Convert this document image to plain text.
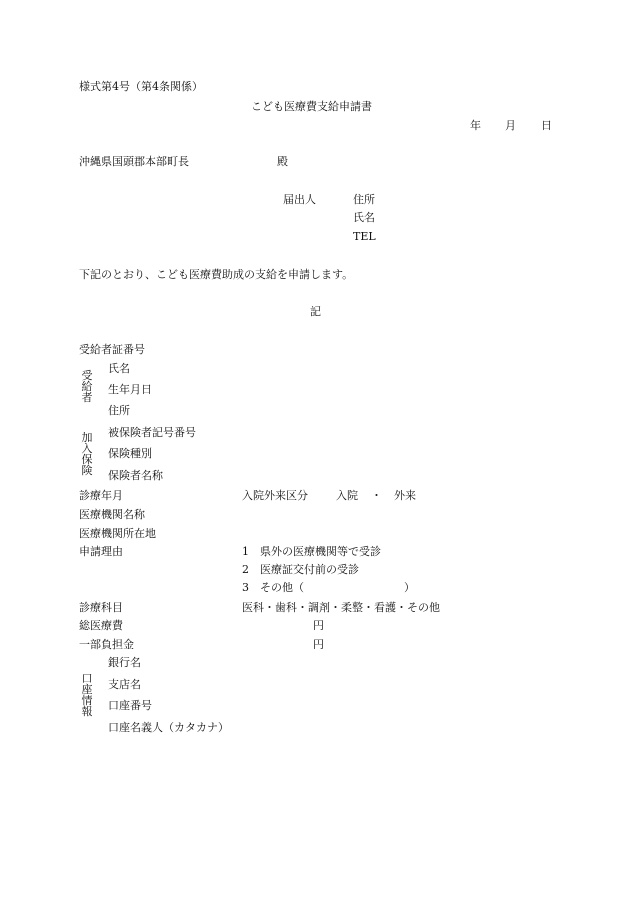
様式第4号（第4条関係）
こども医療費支給申請書
年 月 日
沖縄県国頭郡本部町長	殿
届出人	住所
氏名
TEL
下記のとおり、こども医療費助成の支給を申請します。
記
受給者証番号
受給者
氏名
生年月日
住所
加入保険
被保険者記号番号
保険種別
保険者名称
診療年月	入院外来区分	入院 ・ 外来
医療機関名称
医療機関所在地
申請理由	1 県外の医療機関等で受診
2 医療証交付前の受診
3 その他（	）
診療科目	医科・歯科・調剤・柔整・看護・その他
総医療費	円
一部負担金	円
口座情報
銀行名
支店名
口座番号
口座名義人（カタカナ）
